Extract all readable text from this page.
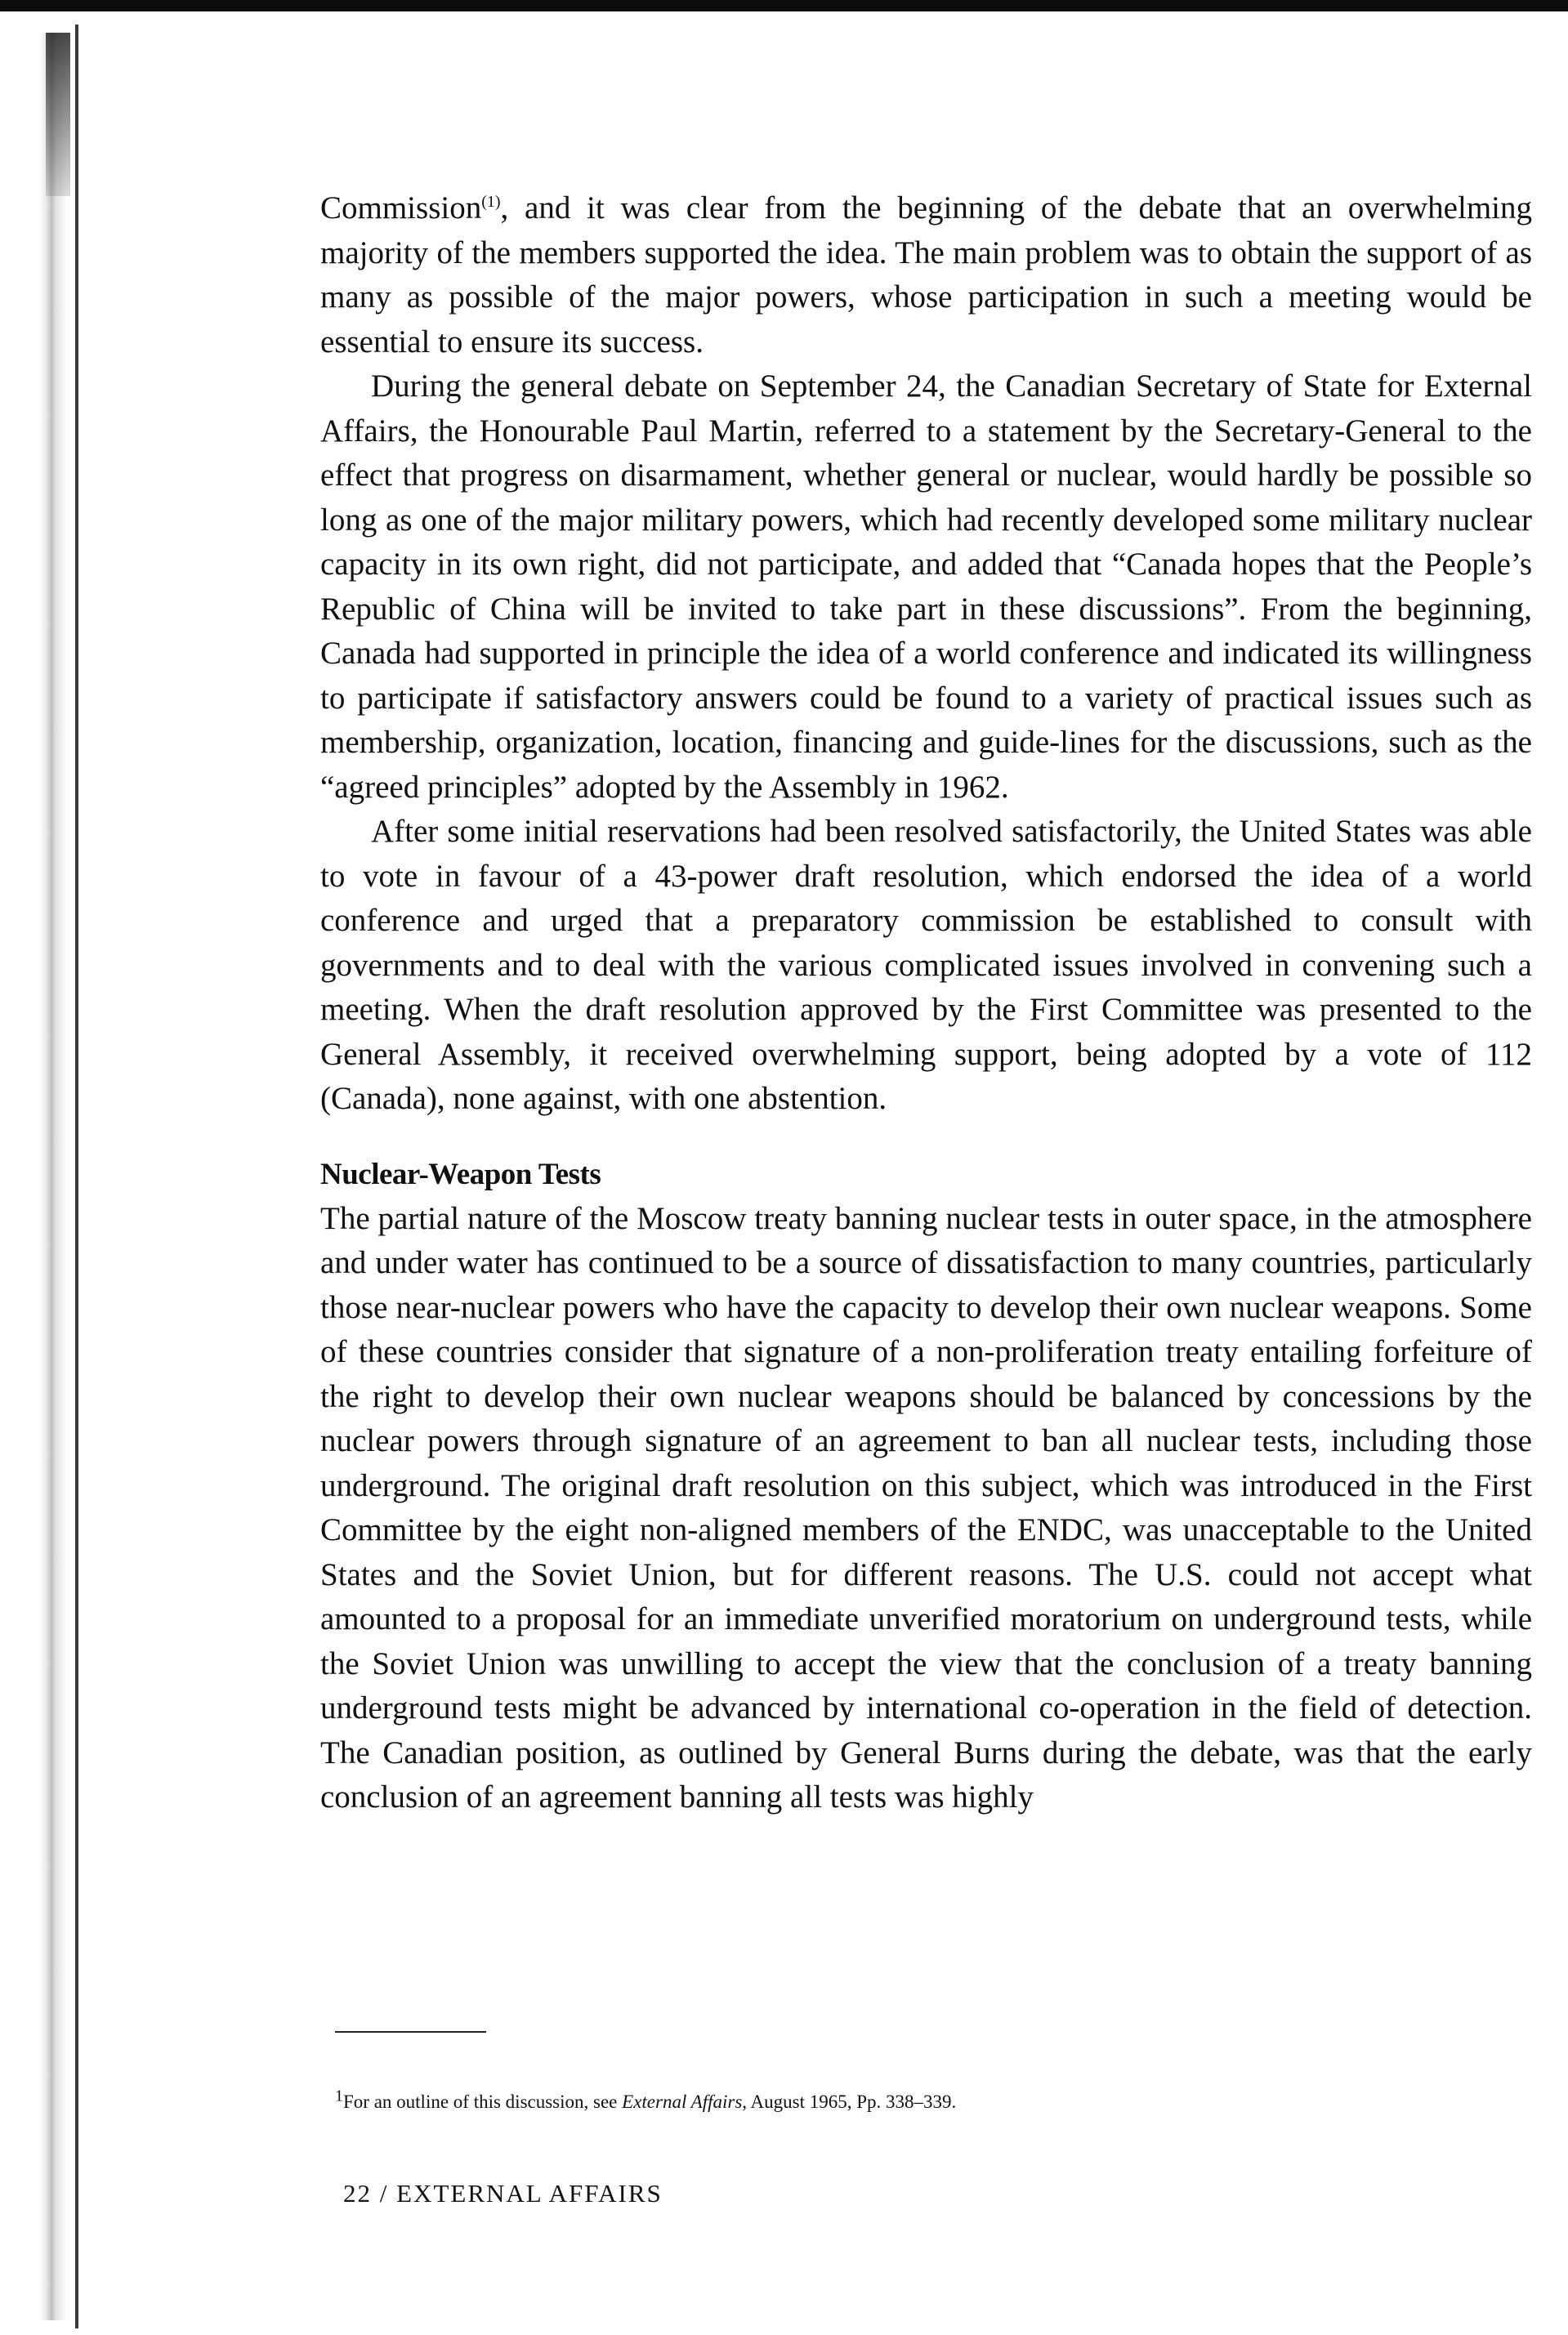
Commission$^{(1)}$, and it was clear from the beginning of the debate that an overwhelming majority of the members supported the idea. The main problem was to obtain the support of as many as possible of the major powers, whose participation in such a meeting would be essential to ensure its success.

During the general debate on September 24, the Canadian Secretary of State for External Affairs, the Honourable Paul Martin, referred to a statement by the Secretary-General to the effect that progress on disarmament, whether general or nuclear, would hardly be possible so long as one of the major military powers, which had recently developed some military nuclear capacity in its own right, did not participate, and added that “Canada hopes that the People’s Republic of China will be invited to take part in these discussions”. From the beginning, Canada had supported in principle the idea of a world conference and indicated its willingness to participate if satisfactory answers could be found to a variety of practical issues such as membership, organization, location, financing and guide-lines for the discussions, such as the “agreed principles” adopted by the Assembly in 1962.

After some initial reservations had been resolved satisfactorily, the United States was able to vote in favour of a 43-power draft resolution, which endorsed the idea of a world conference and urged that a preparatory commission be established to consult with governments and to deal with the various complicated issues involved in convening such a meeting. When the draft resolution approved by the First Committee was presented to the General Assembly, it received overwhelming support, being adopted by a vote of 112 (Canada), none against, with one abstention.

Nuclear-Weapon Tests

The partial nature of the Moscow treaty banning nuclear tests in outer space, in the atmosphere and under water has continued to be a source of dissatisfaction to many countries, particularly those near-nuclear powers who have the capacity to develop their own nuclear weapons. Some of these countries consider that signature of a non-proliferation treaty entailing forfeiture of the right to develop their own nuclear weapons should be balanced by concessions by the nuclear powers through signature of an agreement to ban all nuclear tests, including those underground. The original draft resolution on this subject, which was introduced in the First Committee by the eight non-aligned members of the ENDC, was unacceptable to the United States and the Soviet Union, but for different reasons. The U.S. could not accept what amounted to a proposal for an immediate unverified moratorium on underground tests, while the Soviet Union was unwilling to accept the view that the conclusion of a treaty banning underground tests might be advanced by international co-operation in the field of detection. The Canadian position, as outlined by General Burns during the debate, was that the early conclusion of an agreement banning all tests was highly

$^1$For an outline of this discussion, see External Affairs, August 1965, Pp. 338–339.
22 / EXTERNAL AFFAIRS
